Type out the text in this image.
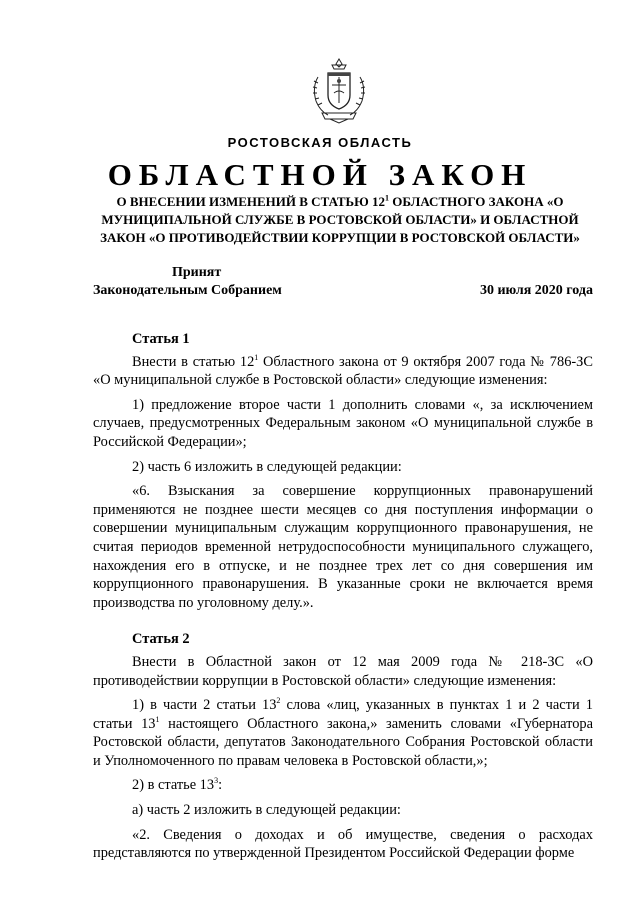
РОСТОВСКАЯ ОБЛАСТЬ
ОБЛАСТНОЙ ЗАКОН
О ВНЕСЕНИИ ИЗМЕНЕНИЙ В СТАТЬЮ $12^1$ ОБЛАСТНОГО ЗАКОНА «О МУНИЦИПАЛЬНОЙ СЛУЖБЕ В РОСТОВСКОЙ ОБЛАСТИ» И ОБЛАСТНОЙ ЗАКОН «О ПРОТИВОДЕЙСТВИИ КОРРУПЦИИ В РОСТОВСКОЙ ОБЛАСТИ»
Принят
Законодательным Собранием	30 июля 2020 года
Статья 1

Внести в статью $12^1$ Областного закона от 9 октября 2007 года № 786-ЗС «О муниципальной службе в Ростовской области» следующие изменения:

1) предложение второе части 1 дополнить словами «, за исключением случаев, предусмотренных Федеральным законом «О муниципальной службе в Российской Федерации»;

2) часть 6 изложить в следующей редакции:

«6. Взыскания за совершение коррупционных правонарушений применяются не позднее шести месяцев со дня поступления информации о совершении муниципальным служащим коррупционного правонарушения, не считая периодов временной нетрудоспособности муниципального служащего, нахождения его в отпуске, и не позднее трех лет со дня совершения им коррупционного правонарушения. В указанные сроки не включается время производства по уголовному делу.».

Статья 2

Внести в Областной закон от 12 мая 2009 года № 218-ЗС «О противодействии коррупции в Ростовской области» следующие изменения:

1) в части 2 статьи $13^2$ слова «лиц, указанных в пунктах 1 и 2 части 1 статьи $13^1$ настоящего Областного закона,» заменить словами «Губернатора Ростовской области, депутатов Законодательного Собрания Ростовской области и Уполномоченного по правам человека в Ростовской области,»;

2) в статье $13^3$:

а) часть 2 изложить в следующей редакции:

«2. Сведения о доходах и об имуществе, сведения о расходах представляются по утвержденной Президентом Российской Федерации форме
